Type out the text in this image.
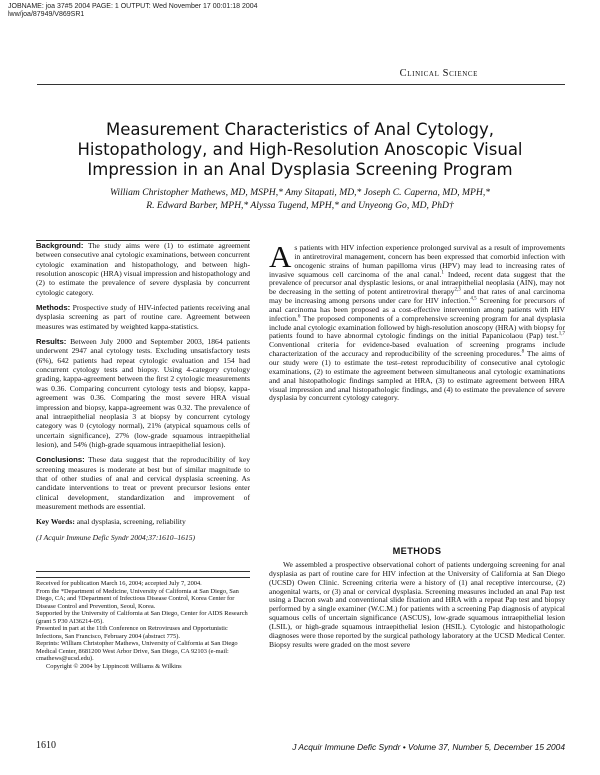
JOBNAME: joa 37#5 2004 PAGE: 1 OUTPUT: Wed November 17 00:01:18 2004
lww/joa/87949/V869SR1
Clinical Science
Measurement Characteristics of Anal Cytology,
Histopathology, and High-Resolution Anoscopic Visual
Impression in an Anal Dysplasia Screening Program
William Christopher Mathews, MD, MSPH,* Amy Sitapati, MD,* Joseph C. Caperna, MD, MPH,*
R. Edward Barber, MPH,* Alyssa Tugend, MPH,* and Unyeong Go, MD, PhD†

Background: The study aims were (1) to estimate agreement between consecutive anal cytologic examinations, between concurrent cytologic examination and histopathology, and between high-resolution anoscopic (HRA) visual impression and histopathology and (2) to estimate the prevalence of severe dysplasia by concurrent cytologic category.

Methods: Prospective study of HIV-infected patients receiving anal dysplasia screening as part of routine care. Agreement between measures was estimated by weighted kappa-statistics.

Results: Between July 2000 and September 2003, 1864 patients underwent 2947 anal cytology tests. Excluding unsatisfactory tests (6%), 642 patients had repeat cytologic evaluation and 154 had concurrent cytology tests and biopsy. Using 4-category cytology grading, kappa-agreement between the first 2 cytologic measurements was 0.36. Comparing concurrent cytology tests and biopsy, kappa-agreement was 0.36. Comparing the most severe HRA visual impression and biopsy, kappa-agreement was 0.32. The prevalence of anal intraepithelial neoplasia 3 at biopsy by concurrent cytology category was 0 (cytology normal), 21% (atypical squamous cells of uncertain significance), 27% (low-grade squamous intraepithelial lesion), and 54% (high-grade squamous intraepithelial lesion).

Conclusions: These data suggest that the reproducibility of key screening measures is moderate at best but of similar magnitude to that of other studies of anal and cervical dysplasia screening. As candidate interventions to treat or prevent precursor lesions enter clinical development, standardization and improvement of measurement methods are essential.

Key Words: anal dysplasia, screening, reliability

(J Acquir Immune Defic Syndr 2004;37:1610–1615)

Received for publication March 16, 2004; accepted July 7, 2004.

From the *Department of Medicine, University of California at San Diego, San Diego, CA; and †Department of Infectious Disease Control, Korea Center for Disease Control and Prevention, Seoul, Korea.

Supported by the University of California at San Diego, Center for AIDS Research (grant 5 P30 AI36214-05).

Presented in part at the 11th Conference on Retroviruses and Opportunistic Infections, San Francisco, February 2004 (abstract 775).

Reprints: William Christopher Mathews, University of California at San Diego Medical Center, 8681200 West Arbor Drive, San Diego, CA 92103 (e-mail: cmathews@ucsd.edu).

Copyright © 2004 by Lippincott Williams & Wilkins

As patients with HIV infection experience prolonged survival as a result of improvements in antiretroviral management, concern has been expressed that comorbid infection with oncogenic strains of human papilloma virus (HPV) may lead to increasing rates of invasive squamous cell carcinoma of the anal canal.$^1$ Indeed, recent data suggest that the prevalence of precursor anal dysplastic lesions, or anal intraepithelial neoplasia (AIN), may not be decreasing in the setting of potent antiretroviral therapy$^{2,3}$ and that rates of anal carcinoma may be increasing among persons under care for HIV infection.$^{4,5}$ Screening for precursors of anal carcinoma has been proposed as a cost-effective intervention among patients with HIV infection.$^6$ The proposed components of a comprehensive screening program for anal dysplasia include anal cytologic examination followed by high-resolution anoscopy (HRA) with biopsy for patients found to have abnormal cytologic findings on the initial Papanicolaou (Pap) test.$^{1,7}$ Conventional criteria for evidence-based evaluation of screening programs include characterization of the accuracy and reproducibility of the screening procedures.$^8$ The aims of our study were (1) to estimate the test–retest reproducibility of consecutive anal cytologic examinations, (2) to estimate the agreement between simultaneous anal cytologic examinations and anal histopathologic findings sampled at HRA, (3) to estimate agreement between HRA visual impression and anal histopathologic findings, and (4) to estimate the prevalence of severe dysplasia by concurrent cytology category.
METHODS
We assembled a prospective observational cohort of patients undergoing screening for anal dysplasia as part of routine care for HIV infection at the University of California at San Diego (UCSD) Owen Clinic. Screening criteria were a history of (1) anal receptive intercourse, (2) anogenital warts, or (3) anal or cervical dysplasia. Screening measures included an anal Pap test using a Dacron swab and conventional slide fixation and HRA with a repeat Pap test and biopsy performed by a single examiner (W.C.M.) for patients with a screening Pap diagnosis of atypical squamous cells of uncertain significance (ASCUS), low-grade squamous intraepithelial lesion (LSIL), or high-grade squamous intraepithelial lesion (HSIL). Cytologic and histopathologic diagnoses were those reported by the surgical pathology laboratory at the UCSD Medical Center. Biopsy results were graded on the most severe
1610	J Acquir Immune Defic Syndr • Volume 37, Number 5, December 15 2004
